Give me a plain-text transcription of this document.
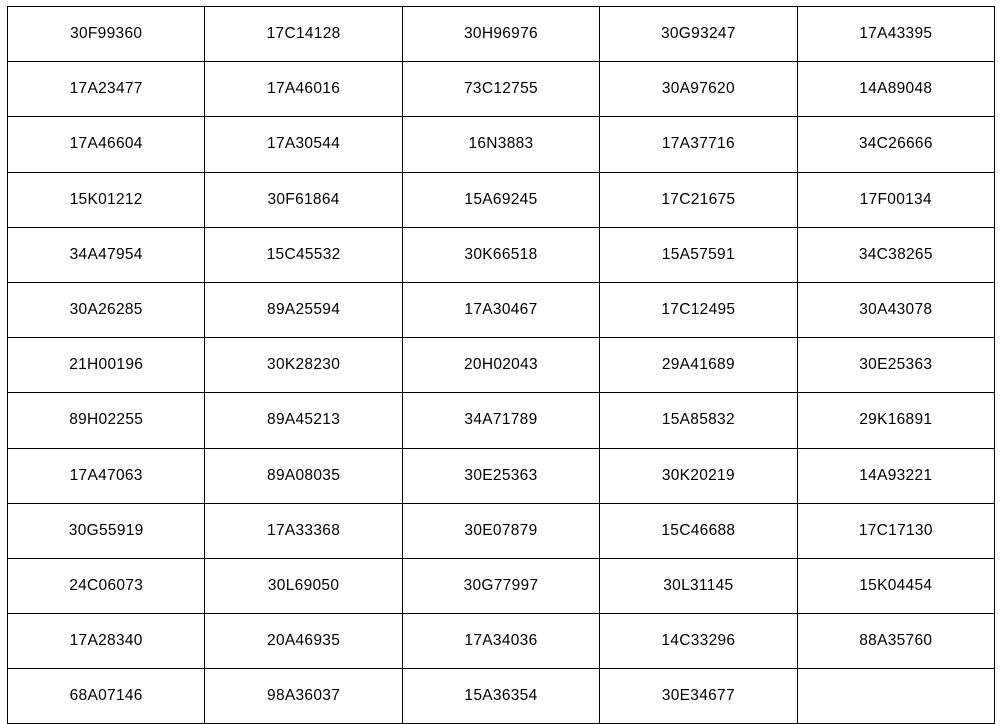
30F99360	17C14128	30H96976	30G93247	17A43395
17A23477	17A46016	73C12755	30A97620	14A89048
17A46604	17A30544	16N3883	17A37716	34C26666
15K01212	30F61864	15A69245	17C21675	17F00134
34A47954	15C45532	30K66518	15A57591	34C38265
30A26285	89A25594	17A30467	17C12495	30A43078
21H00196	30K28230	20H02043	29A41689	30E25363
89H02255	89A45213	34A71789	15A85832	29K16891
17A47063	89A08035	30E25363	30K20219	14A93221
30G55919	17A33368	30E07879	15C46688	17C17130
24C06073	30L69050	30G77997	30L31145	15K04454
17A28340	20A46935	17A34036	14C33296	88A35760
68A07146	98A36037	15A36354	30E34677	
